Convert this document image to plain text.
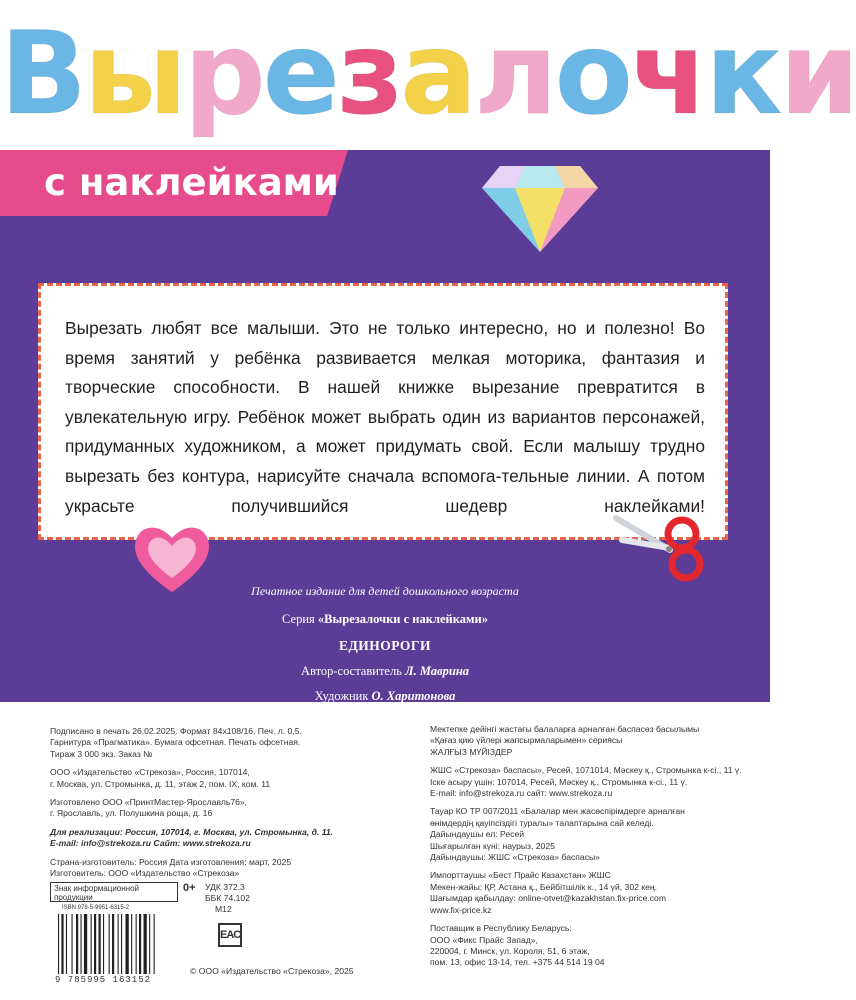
Вырезалочки
с наклейками

Вырезать любят все малыши. Это не только интересно, но и полезно! Во время занятий у ребёнка развивается мелкая моторика, фантазия и творческие способности. В нашей книжке вырезание превратится в увлекательную игру. Ребёнок может выбрать один из вариантов персонажей, придуманных художником, а может придумать свой. Если малышу трудно вырезать без контура, нарисуйте сначала вспомога-тельные линии. А потом украсьте получившийся шедевр наклейками!

Печатное издание для детей дошкольного возраста
Серия «Вырезалочки с наклейками»
ЕДИНОРОГИ
Автор-составитель Л. Маврина
Художник О. Харитонова

Подписано в печать 26.02.2025. Формат 84х108/16. Печ. л. 0,5.

Гарнитура «Прагматика». Бумага офсетная. Печать офсетная.

Тираж 3 000 экз. Заказ №

ООО «Издательство «Стрекоза», Россия, 107014,

г. Москва, ул. Стромынка, д. 11, этаж 2, пом. IX, ком. 11

Изготовлено ООО «ПринтМастер-Ярославль76»,

г. Ярославль, ул. Полушкина роща, д. 16

Для реализации: Россия, 107014, г. Москва, ул. Стромынка, д. 11.

E-mail: info@strekoza.ru Сайт: www.strekoza.ru

Страна-изготовитель: Россия Дата изготовления: март, 2025

Изготовитель: ООО «Издательство «Стрекоза»

Мектепке дейінгі жастағы балаларға арналған баспасөз басылымы

«Қағаз қию үйлері жапсырмаларымен» сериясы

ЖАЛҒЫЗ МҮЙІЗДЕР

ЖШС «Стрекоза» баспасы», Ресей, 1071014, Мәскеу қ., Стромынка к-сі., 11 ү.

Іске асыру үшін: 107014, Ресей, Мәскеу қ., Стромынка к-сі., 11 ү.

E-mail: info@strekoza.ru сайт: www.strekoza.ru

Тауар КО ТР 007/2011 «Балалар мен жасөспірімдерге арналған

өнімдердің қауіпсіздігі туралы» талаптарына сай келеді.

Дайындаушы ел: Ресей

Шығарылған күні: наурыз, 2025

Дайындаушы: ЖШС «Стрекоза» баспасы»

Импорттаушы «Бест Прайс Казахстан» ЖШС

Мекен-жайы: ҚР, Астана қ., Бейбітшілік к., 14 үй, 302 кең.

Шағымдар қабылдау: online-otvet@kazakhstan.fix-price.com

www.fix-price.kz

Поставщик в Республику Беларусь:

ООО «Фикс Прайс Запад»,

220004, г. Минск, ул. Короля, 51, 6 этаж,

пом. 13, офис 13-14, тел. +375 44 514 19 04

Знак информационной продукции
0+
ISBN 978-5-9951-6315-2
9 785995 163152

УДК 372.3

ББК 74.102

М12

EAC
© ООО «Издательство «Стрекоза», 2025
